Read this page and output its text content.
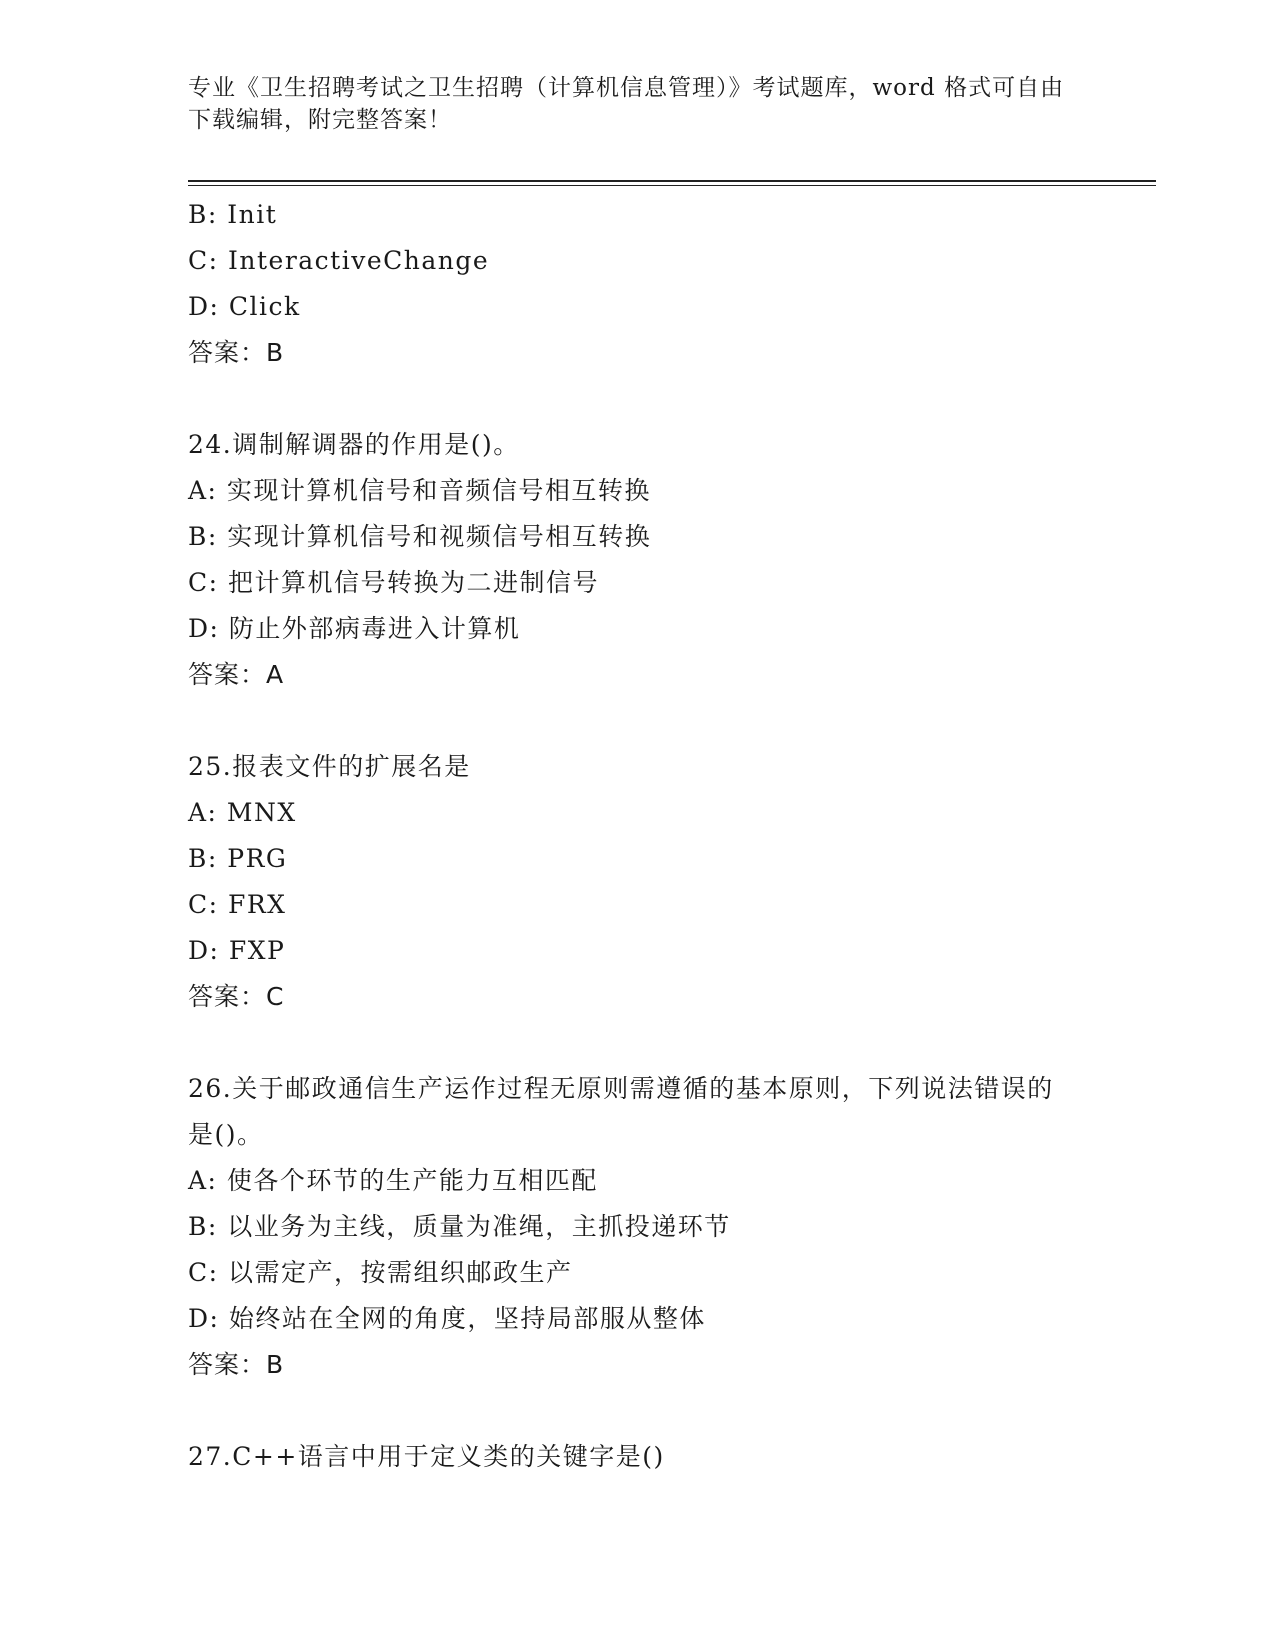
专业《卫生招聘考试之卫生招聘（计算机信息管理）》考试题库，word 格式可自由下载编辑，附完整答案！
B: Init
C: InteractiveChange
D: Click
答案：B
24.调制解调器的作用是()。
A: 实现计算机信号和音频信号相互转换
B: 实现计算机信号和视频信号相互转换
C: 把计算机信号转换为二进制信号
D: 防止外部病毒进入计算机
答案：A
25.报表文件的扩展名是
A: MNX
B: PRG
C: FRX
D: FXP
答案：C
26.关于邮政通信生产运作过程无原则需遵循的基本原则，下列说法错误的是()。
A: 使各个环节的生产能力互相匹配
B: 以业务为主线，质量为准绳，主抓投递环节
C: 以需定产，按需组织邮政生产
D: 始终站在全网的角度，坚持局部服从整体
答案：B
27.C++语言中用于定义类的关键字是()
